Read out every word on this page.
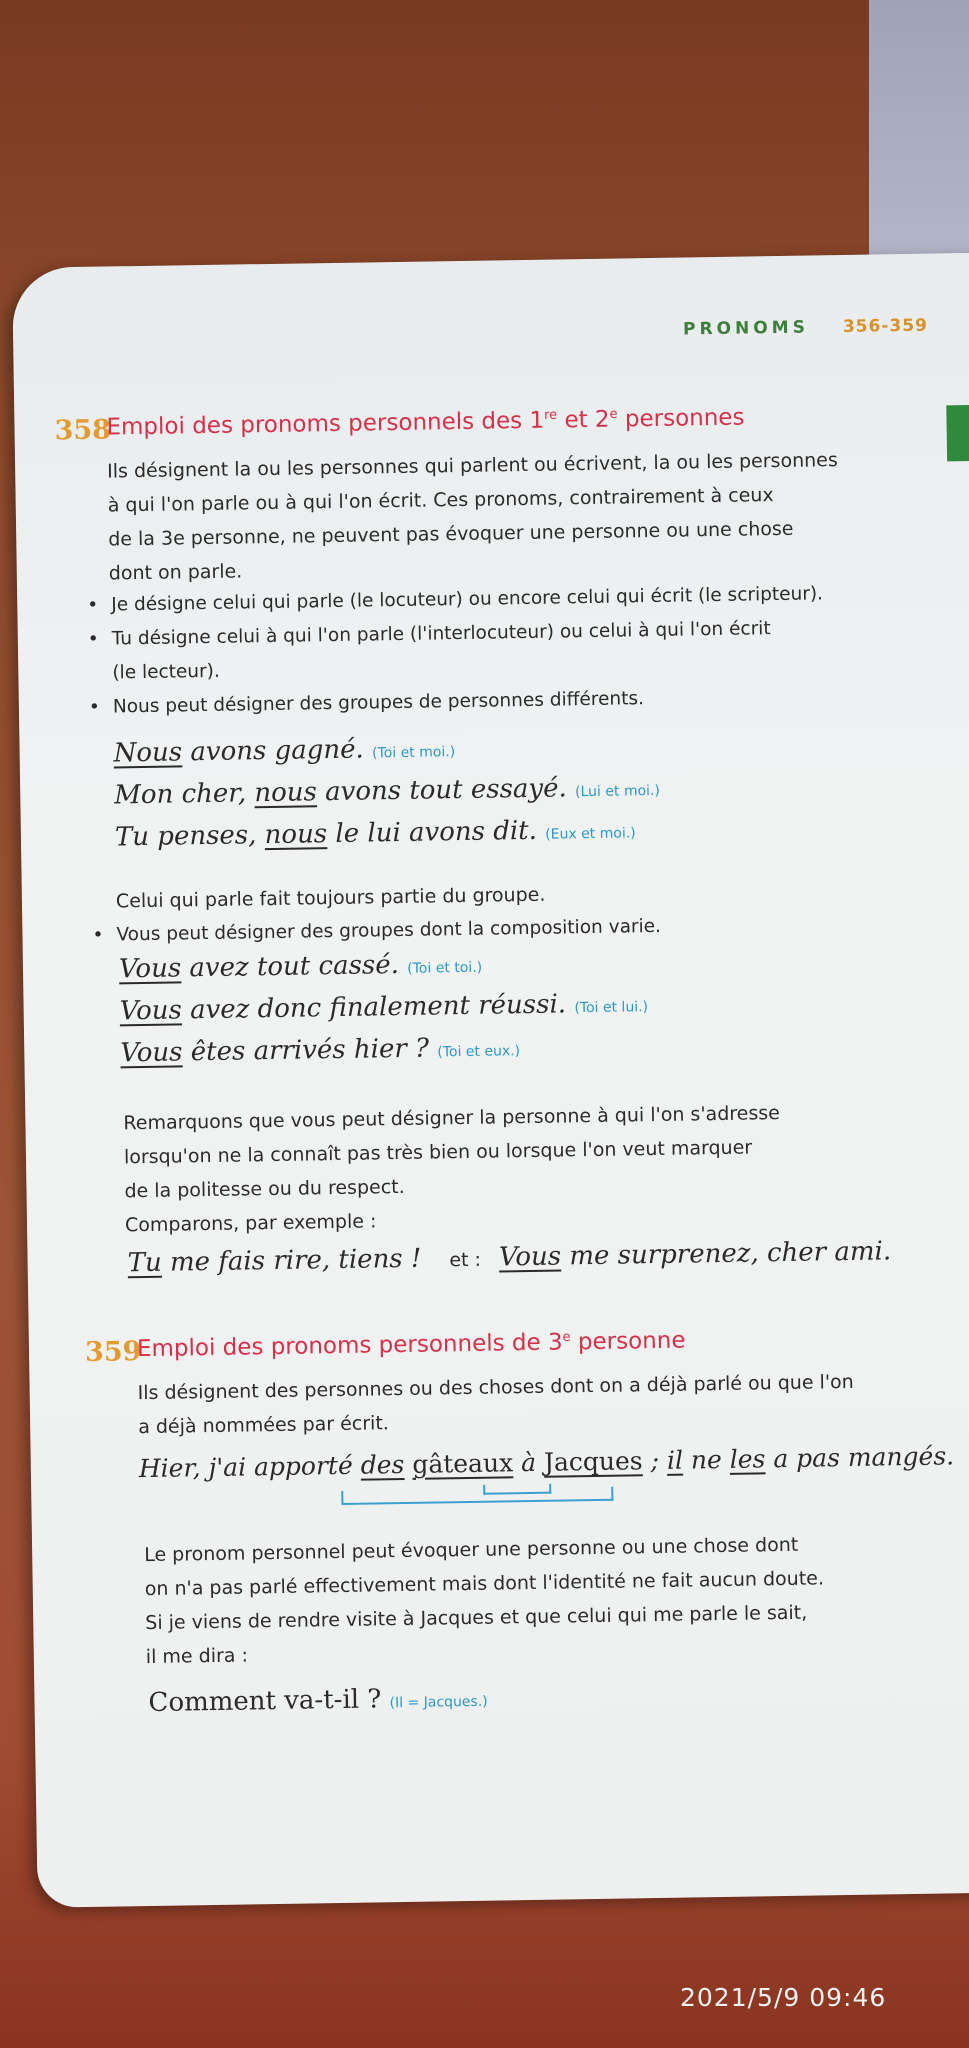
PRONOMS 356-359
358
Emploi des pronoms personnels des 1re et 2e personnes

Ils désignent la ou les personnes qui parlent ou écrivent, la ou les personnes

à qui l'on parle ou à qui l'on écrit. Ces pronoms, contrairement à ceux

de la 3e personne, ne peuvent pas évoquer une personne ou une chose

dont on parle.

• Je désigne celui qui parle (le locuteur) ou encore celui qui écrit (le scripteur).
• Tu désigne celui à qui l'on parle (l'interlocuteur) ou celui à qui l'on écrit
(le lecteur).
• Nous peut désigner des groupes de personnes différents.
Nous avons gagné. (Toi et moi.)
Mon cher, nous avons tout essayé. (Lui et moi.)
Tu penses, nous le lui avons dit. (Eux et moi.)
Celui qui parle fait toujours partie du groupe.
• Vous peut désigner des groupes dont la composition varie.
Vous avez tout cassé. (Toi et toi.)
Vous avez donc finalement réussi. (Toi et lui.)
Vous êtes arrivés hier ? (Toi et eux.)

Remarquons que vous peut désigner la personne à qui l'on s'adresse

lorsqu'on ne la connaît pas très bien ou lorsque l'on veut marquer

de la politesse ou du respect.

Comparons, par exemple :

Tu me fais rire, tiens ! et : Vous me surprenez, cher ami.
359
Emploi des pronoms personnels de 3e personne

Ils désignent des personnes ou des choses dont on a déjà parlé ou que l'on

a déjà nommées par écrit.

Hier, j'ai apporté des gâteaux à Jacques ; il ne les a pas mangés.

Le pronom personnel peut évoquer une personne ou une chose dont

on n'a pas parlé effectivement mais dont l'identité ne fait aucun doute.

Si je viens de rendre visite à Jacques et que celui qui me parle le sait,

il me dira :

Comment va-t-il ? (Il = Jacques.)
2021/5/9 09:46
